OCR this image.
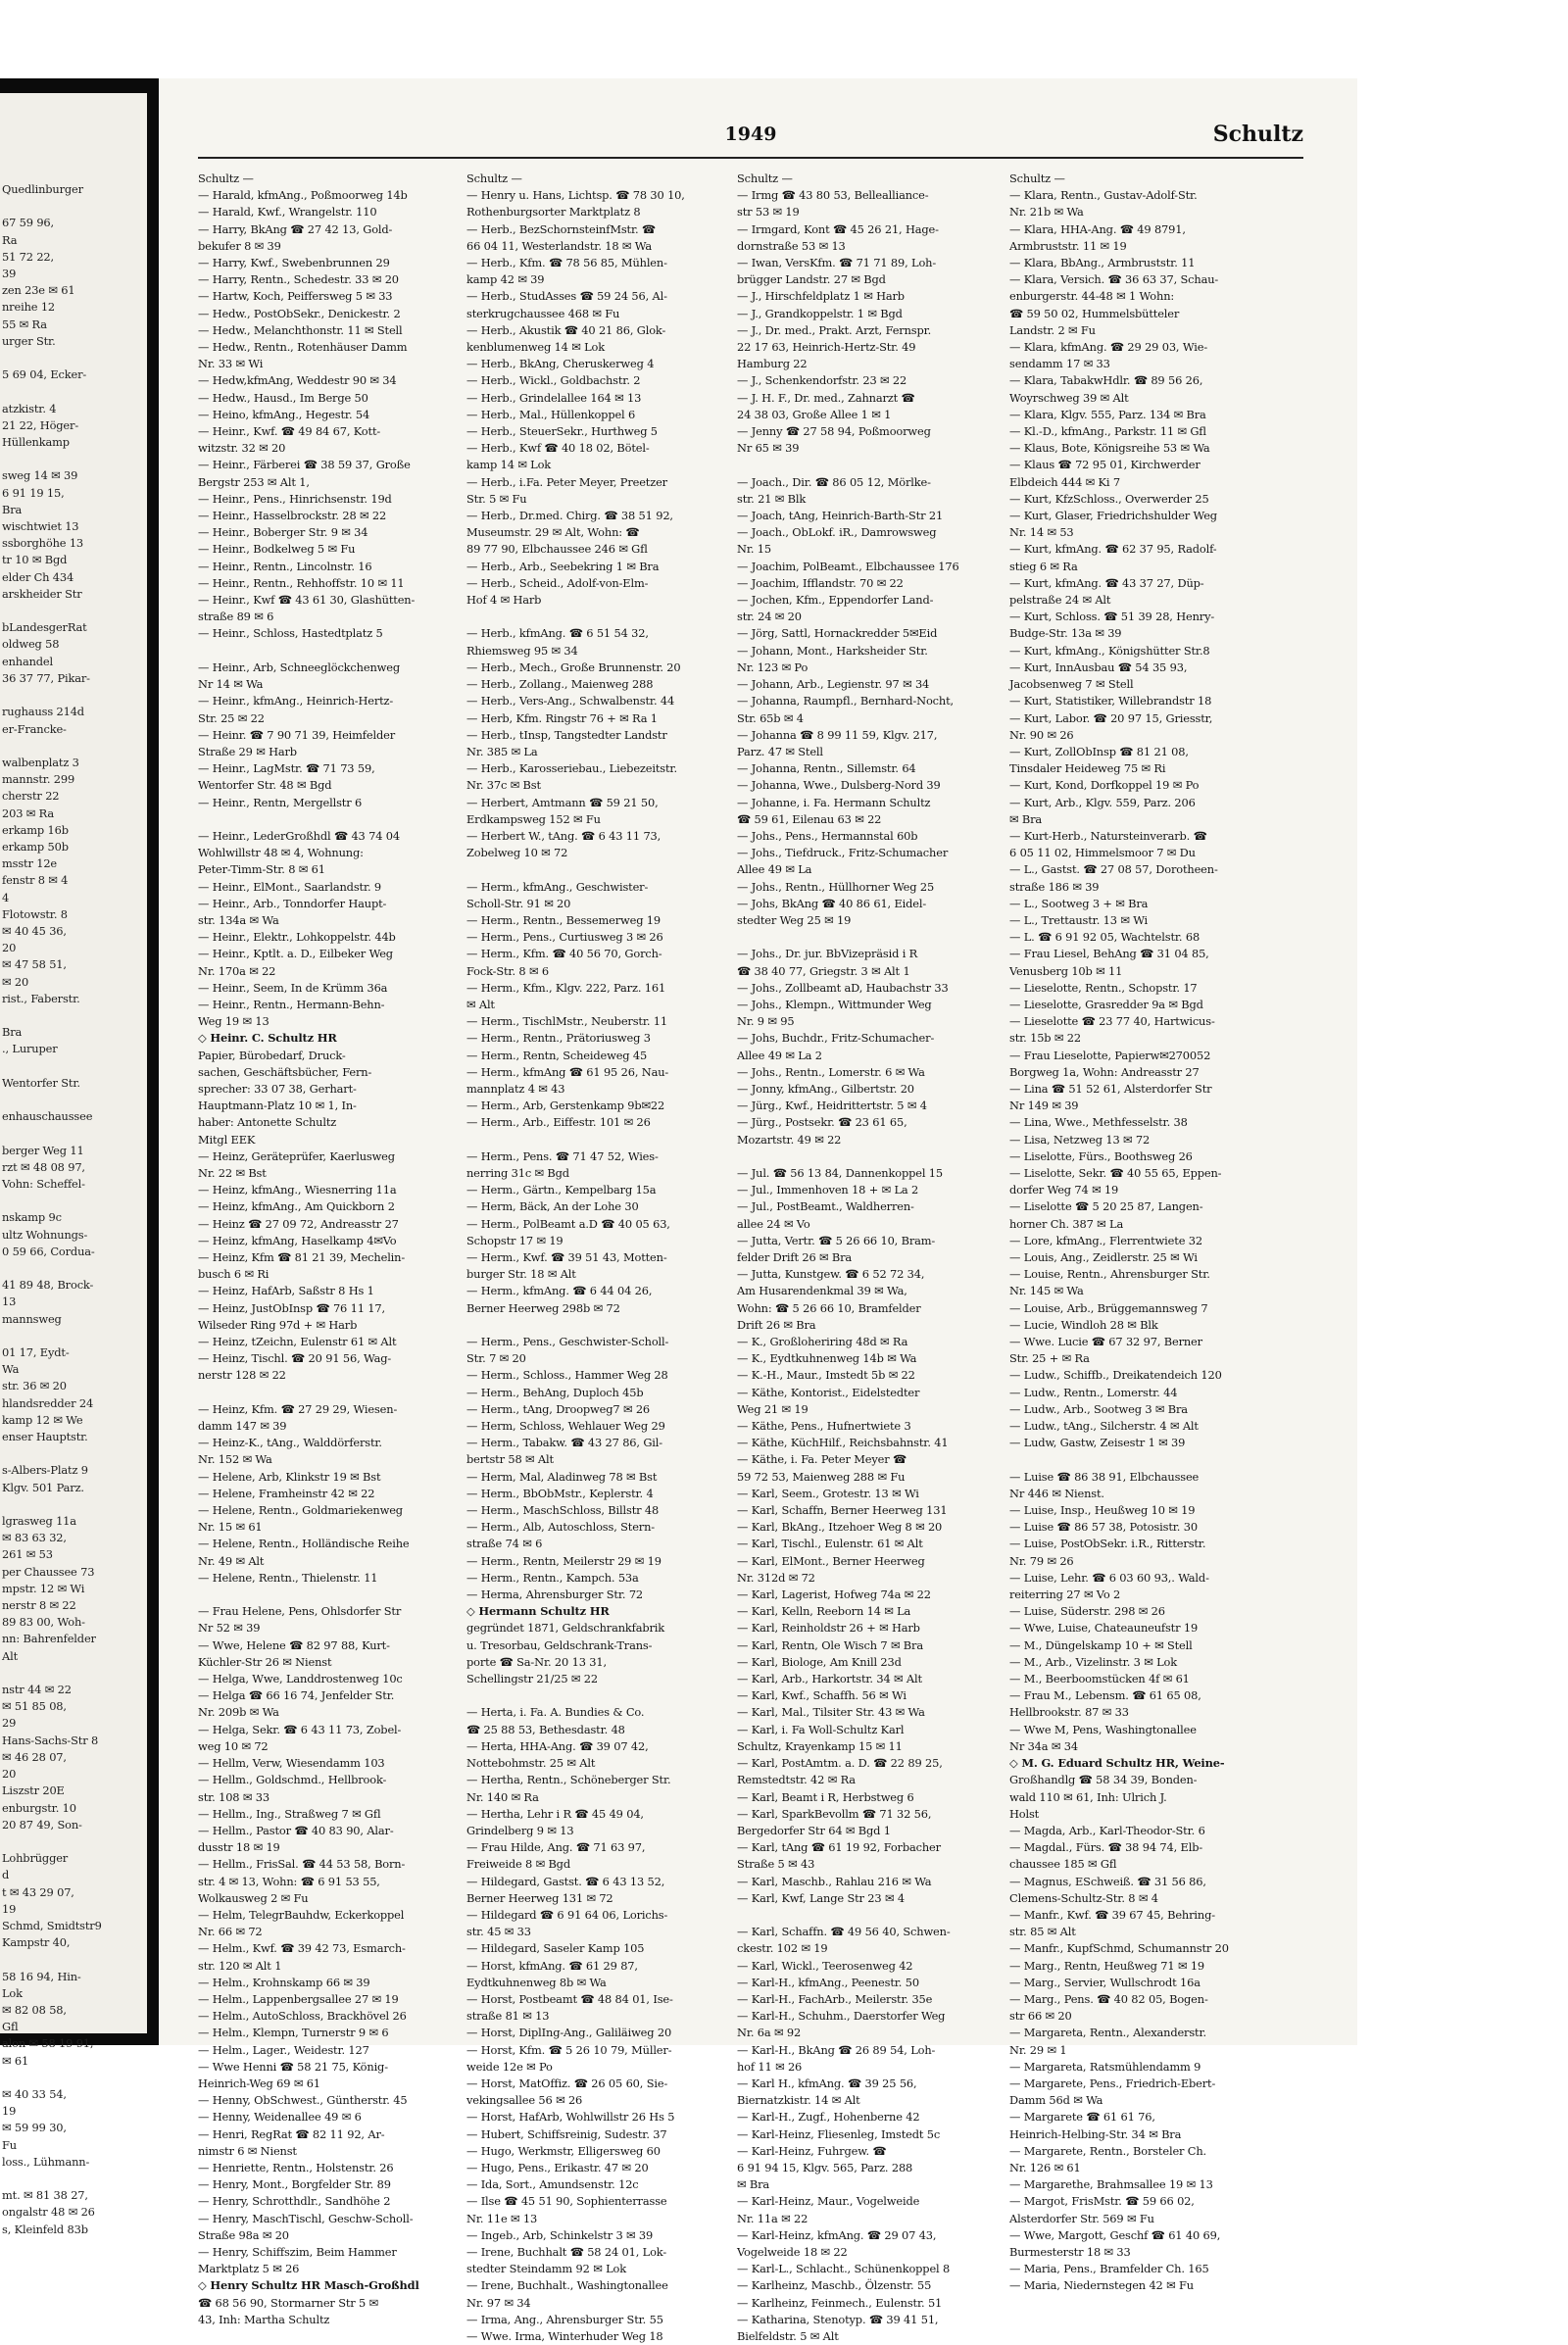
Quedlinburger

67 59 96,
Ra
51 72 22,
39
zen 23e ✉ 61
nreihe 12
55 ✉ Ra
urger Str.

5 69 04, Ecker-

atzkistr. 4
21 22, Höger-
Hüllenkamp

sweg 14 ✉ 39
6 91 19 15,
Bra
wischtwiet 13
ssborghöhe 13
tr 10 ✉ Bgd
elder Ch 434
arskheider Str

bLandesgerRat
oldweg 58
enhandel
36 37 77, Pikar-

rughauss 214d
er-Francke-

walbenplatz 3
mannstr. 299
cherstr 22
203 ✉ Ra
erkamp 16b
erkamp 50b
msstr 12e
fenstr 8 ✉ 4
4
Flotowstr. 8
✉ 40 45 36,
20
✉ 47 58 51,
✉ 20
rist., Faberstr.

Bra
., Luruper

Wentorfer Str.

enhauschaussee

berger Weg 11
rzt ✉ 48 08 97,
Vohn: Scheffel-

nskamp 9c
ultz Wohnungs-
0 59 66, Cordua-

41 89 48, Brock-
13
mannsweg

01 17, Eydt-
Wa
str. 36 ✉ 20
hlandsredder 24
kamp 12 ✉ We
enser Hauptstr.

s-Albers-Platz 9
Klgv. 501 Parz.

lgrasweg 11a
✉ 83 63 32,
261 ✉ 53
per Chaussee 73
mpstr. 12 ✉ Wi
nerstr 8 ✉ 22
89 83 00, Woh-
nn: Bahrenfelder
Alt

nstr 44 ✉ 22
✉ 51 85 08,
29
Hans-Sachs-Str 8
✉ 46 28 07,
20
Liszstr 20E
enburgstr. 10
20 87 49, Son-

Lohbrügger
d
t ✉ 43 29 07,
19
Schmd, Smidtstr9
Kampstr 40,

58 16 94, Hin-
Lok
✉ 82 08 58,
Gfl
alon ✉ 58 19 91,
✉ 61

✉ 40 33 54,
19
✉ 59 99 30,
Fu
loss., Lühmann-

mt. ✉ 81 38 27,
ongalstr 48 ✉ 26
s, Kleinfeld 83b
1949	Schultz
Schultz —
— Harald, kfmAng., Poßmoorweg 14b
— Harald, Kwf., Wrangelstr. 110
— Harry, BkAng ☎ 27 42 13, Gold-
bekufer 8 ✉ 39
— Harry, Kwf., Swebenbrunnen 29
— Harry, Rentn., Schedestr. 33 ✉ 20
— Hartw, Koch, Peiffersweg 5 ✉ 33
— Hedw., PostObSekr., Denickestr. 2
— Hedw., Melanchthonstr. 11 ✉ Stell
— Hedw., Rentn., Rotenhäuser Damm
Nr. 33 ✉ Wi
— Hedw,kfmAng, Weddestr 90 ✉ 34
— Hedw., Hausd., Im Berge 50
— Heino, kfmAng., Hegestr. 54
— Heinr., Kwf. ☎ 49 84 67, Kott-
witzstr. 32 ✉ 20
— Heinr., Färberei ☎ 38 59 37, Große
Bergstr 253 ✉ Alt 1,
— Heinr., Pens., Hinrichsenstr. 19d
— Heinr., Hasselbrockstr. 28 ✉ 22
— Heinr., Boberger Str. 9 ✉ 34
— Heinr., Bodkelweg 5 ✉ Fu
— Heinr., Rentn., Lincolnstr. 16
— Heinr., Rentn., Rehhoffstr. 10 ✉ 11
— Heinr., Kwf ☎ 43 61 30, Glashütten-
straße 89 ✉ 6
— Heinr., Schloss, Hastedtplatz 5

— Heinr., Arb, Schneeglöckchenweg
Nr 14 ✉ Wa
— Heinr., kfmAng., Heinrich-Hertz-
Str. 25 ✉ 22
— Heinr. ☎ 7 90 71 39, Heimfelder
Straße 29 ✉ Harb
— Heinr., LagMstr. ☎ 71 73 59,
Wentorfer Str. 48 ✉ Bgd
— Heinr., Rentn, Mergellstr 6

— Heinr., LederGroßhdl ☎ 43 74 04
Wohlwillstr 48 ✉ 4, Wohnung:
Peter-Timm-Str. 8 ✉ 61
— Heinr., ElMont., Saarlandstr. 9
— Heinr., Arb., Tonndorfer Haupt-
str. 134a ✉ Wa
— Heinr., Elektr., Lohkoppelstr. 44b
— Heinr., Kptlt. a. D., Eilbeker Weg
Nr. 170a ✉ 22
— Heinr., Seem, In de Krümm 36a
— Heinr., Rentn., Hermann-Behn-
Weg 19 ✉ 13
◇ Heinr. C. Schultz HR
Papier, Bürobedarf, Druck-
sachen, Geschäftsbücher, Fern-
sprecher: 33 07 38, Gerhart-
Hauptmann-Platz 10 ✉ 1, In-
haber: Antonette Schultz
Mitgl EEK
— Heinz, Geräteprüfer, Kaerlusweg
Nr. 22 ✉ Bst
— Heinz, kfmAng., Wiesnerring 11a
— Heinz, kfmAng., Am Quickborn 2
— Heinz ☎ 27 09 72, Andreasstr 27
— Heinz, kfmAng, Haselkamp 4✉Vo
— Heinz, Kfm ☎ 81 21 39, Mechelin-
busch 6 ✉ Ri
— Heinz, HafArb, Saßstr 8 Hs 1
— Heinz, JustObInsp ☎ 76 11 17,
Wilseder Ring 97d + ✉ Harb
— Heinz, tZeichn, Eulenstr 61 ✉ Alt
— Heinz, Tischl. ☎ 20 91 56, Wag-
nerstr 128 ✉ 22

— Heinz, Kfm. ☎ 27 29 29, Wiesen-
damm 147 ✉ 39
— Heinz-K., tAng., Walddörferstr.
Nr. 152 ✉ Wa
— Helene, Arb, Klinkstr 19 ✉ Bst
— Helene, Framheinstr 42 ✉ 22
— Helene, Rentn., Goldmariekenweg
Nr. 15 ✉ 61
— Helene, Rentn., Holländische Reihe
Nr. 49 ✉ Alt
— Helene, Rentn., Thielenstr. 11

— Frau Helene, Pens, Ohlsdorfer Str
Nr 52 ✉ 39
— Wwe, Helene ☎ 82 97 88, Kurt-
Küchler-Str 26 ✉ Nienst
— Helga, Wwe, Landdrostenweg 10c
— Helga ☎ 66 16 74, Jenfelder Str.
Nr. 209b ✉ Wa
— Helga, Sekr. ☎ 6 43 11 73, Zobel-
weg 10 ✉ 72
— Hellm, Verw, Wiesendamm 103
— Hellm., Goldschmd., Hellbrook-
str. 108 ✉ 33
— Hellm., Ing., Straßweg 7 ✉ Gfl
— Hellm., Pastor ☎ 40 83 90, Alar-
dusstr 18 ✉ 19
— Hellm., FrisSal. ☎ 44 53 58, Born-
str. 4 ✉ 13, Wohn: ☎ 6 91 53 55,
Wolkausweg 2 ✉ Fu
— Helm, TelegrBauhdw, Eckerkoppel
Nr. 66 ✉ 72
— Helm., Kwf. ☎ 39 42 73, Esmarch-
str. 120 ✉ Alt 1
— Helm., Krohnskamp 66 ✉ 39
— Helm., Lappenbergsallee 27 ✉ 19
— Helm., AutoSchloss, Brackhövel 26
— Helm., Klempn, Turnerstr 9 ✉ 6
— Helm., Lager., Weidestr. 127
— Wwe Henni ☎ 58 21 75, König-
Heinrich-Weg 69 ✉ 61
— Henny, ObSchwest., Güntherstr. 45
— Henny, Weidenallee 49 ✉ 6
— Henri, RegRat ☎ 82 11 92, Ar-
nimstr 6 ✉ Nienst
— Henriette, Rentn., Holstenstr. 26
— Henry, Mont., Borgfelder Str. 89
— Henry, Schrotthdlr., Sandhöhe 2
— Henry, MaschTischl, Geschw-Scholl-
Straße 98a ✉ 20
— Henry, Schiffszim, Beim Hammer
Marktplatz 5 ✉ 26
◇ Henry Schultz HR Masch-Großhdl
☎ 68 56 90, Stormarner Str 5 ✉
43, Inh: Martha Schultz
Schultz —
— Henry u. Hans, Lichtsp. ☎ 78 30 10,
Rothenburgsorter Marktplatz 8
— Herb., BezSchornsteinfMstr. ☎
66 04 11, Westerlandstr. 18 ✉ Wa
— Herb., Kfm. ☎ 78 56 85, Mühlen-
kamp 42 ✉ 39
— Herb., StudAsses ☎ 59 24 56, Al-
sterkrugchaussee 468 ✉ Fu
— Herb., Akustik ☎ 40 21 86, Glok-
kenblumenweg 14 ✉ Lok
— Herb., BkAng, Cheruskerweg 4
— Herb., Wickl., Goldbachstr. 2
— Herb., Grindelallee 164 ✉ 13
— Herb., Mal., Hüllenkoppel 6
— Herb., SteuerSekr., Hurthweg 5
— Herb., Kwf ☎ 40 18 02, Bötel-
kamp 14 ✉ Lok
— Herb., i.Fa. Peter Meyer, Preetzer
Str. 5 ✉ Fu
— Herb., Dr.med. Chirg. ☎ 38 51 92,
Museumstr. 29 ✉ Alt, Wohn: ☎
89 77 90, Elbchaussee 246 ✉ Gfl
— Herb., Arb., Seebekring 1 ✉ Bra
— Herb., Scheid., Adolf-von-Elm-
Hof 4 ✉ Harb

— Herb., kfmAng. ☎ 6 51 54 32,
Rhiemsweg 95 ✉ 34
— Herb., Mech., Große Brunnenstr. 20
— Herb., Zollang., Maienweg 288
— Herb., Vers-Ang., Schwalbenstr. 44
— Herb, Kfm. Ringstr 76 + ✉ Ra 1
— Herb., tInsp, Tangstedter Landstr
Nr. 385 ✉ La
— Herb., Karosseriebau., Liebezeitstr.
Nr. 37c ✉ Bst
— Herbert, Amtmann ☎ 59 21 50,
Erdkampsweg 152 ✉ Fu
— Herbert W., tAng. ☎ 6 43 11 73,
Zobelweg 10 ✉ 72

— Herm., kfmAng., Geschwister-
Scholl-Str. 91 ✉ 20
— Herm., Rentn., Bessemerweg 19
— Herm., Pens., Curtiusweg 3 ✉ 26
— Herm., Kfm. ☎ 40 56 70, Gorch-
Fock-Str. 8 ✉ 6
— Herm., Kfm., Klgv. 222, Parz. 161
✉ Alt
— Herm., TischlMstr., Neuberstr. 11
— Herm., Rentn., Prätoriusweg 3
— Herm., Rentn, Scheideweg 45
— Herm., kfmAng ☎ 61 95 26, Nau-
mannplatz 4 ✉ 43
— Herm., Arb, Gerstenkamp 9b✉22
— Herm., Arb., Eiffestr. 101 ✉ 26

— Herm., Pens. ☎ 71 47 52, Wies-
nerring 31c ✉ Bgd
— Herm., Gärtn., Kempelbarg 15a
— Herm, Bäck, An der Lohe 30
— Herm., PolBeamt a.D ☎ 40 05 63,
Schopstr 17 ✉ 19
— Herm., Kwf. ☎ 39 51 43, Motten-
burger Str. 18 ✉ Alt
— Herm., kfmAng. ☎ 6 44 04 26,
Berner Heerweg 298b ✉ 72

— Herm., Pens., Geschwister-Scholl-
Str. 7 ✉ 20
— Herm., Schloss., Hammer Weg 28
— Herm., BehAng, Duploch 45b
— Herm., tAng, Droopweg7 ✉ 26
— Herm, Schloss, Wehlauer Weg 29
— Herm., Tabakw. ☎ 43 27 86, Gil-
bertstr 58 ✉ Alt
— Herm, Mal, Aladinweg 78 ✉ Bst
— Herm., BbObMstr., Keplerstr. 4
— Herm., MaschSchloss, Billstr 48
— Herm., Alb, Autoschloss, Stern-
straße 74 ✉ 6
— Herm., Rentn, Meilerstr 29 ✉ 19
— Herm., Rentn., Kampch. 53a
— Herma, Ahrensburger Str. 72
◇ Hermann Schultz HR
gegründet 1871, Geldschrankfabrik
u. Tresorbau, Geldschrank-Trans-
porte ☎ Sa-Nr. 20 13 31,
Schellingstr 21/25 ✉ 22

— Herta, i. Fa. A. Bundies & Co.
☎ 25 88 53, Bethesdastr. 48
— Herta, HHA-Ang. ☎ 39 07 42,
Nottebohmstr. 25 ✉ Alt
— Hertha, Rentn., Schöneberger Str.
Nr. 140 ✉ Ra
— Hertha, Lehr i R ☎ 45 49 04,
Grindelberg 9 ✉ 13
— Frau Hilde, Ang. ☎ 71 63 97,
Freiweide 8 ✉ Bgd
— Hildegard, Gastst. ☎ 6 43 13 52,
Berner Heerweg 131 ✉ 72
— Hildegard ☎ 6 91 64 06, Lorichs-
str. 45 ✉ 33
— Hildegard, Saseler Kamp 105
— Horst, kfmAng. ☎ 61 29 87,
Eydtkuhnenweg 8b ✉ Wa
— Horst, Postbeamt ☎ 48 84 01, Ise-
straße 81 ✉ 13
— Horst, DiplIng-Ang., Galiläiweg 20
— Horst, Kfm. ☎ 5 26 10 79, Müller-
weide 12e ✉ Po
— Horst, MatOffiz. ☎ 26 05 60, Sie-
vekingsallee 56 ✉ 26
— Horst, HafArb, Wohlwillstr 26 Hs 5
— Hubert, Schiffsreinig, Sudestr. 37
— Hugo, Werkmstr, Elligersweg 60
— Hugo, Pens., Erikastr. 47 ✉ 20
— Ida, Sort., Amundsenstr. 12c
— Ilse ☎ 45 51 90, Sophienterrasse
Nr. 11e ✉ 13
— Ingeb., Arb, Schinkelstr 3 ✉ 39
— Irene, Buchhalt ☎ 58 24 01, Lok-
stedter Steindamm 92 ✉ Lok
— Irene, Buchhalt., Washingtonallee
Nr. 97 ✉ 34
— Irma, Ang., Ahrensburger Str. 55
— Wwe. Irma, Winterhuder Weg 18
Schultz —
— Irmg ☎ 43 80 53, Bellealliance-
str 53 ✉ 19
— Irmgard, Kont ☎ 45 26 21, Hage-
dornstraße 53 ✉ 13
— Iwan, VersKfm. ☎ 71 71 89, Loh-
brügger Landstr. 27 ✉ Bgd
— J., Hirschfeldplatz 1 ✉ Harb
— J., Grandkoppelstr. 1 ✉ Bgd
— J., Dr. med., Prakt. Arzt, Fernspr.
22 17 63, Heinrich-Hertz-Str. 49
Hamburg 22
— J., Schenkendorfstr. 23 ✉ 22
— J. H. F., Dr. med., Zahnarzt ☎
24 38 03, Große Allee 1 ✉ 1
— Jenny ☎ 27 58 94, Poßmoorweg
Nr 65 ✉ 39

— Joach., Dir. ☎ 86 05 12, Mörlke-
str. 21 ✉ Blk
— Joach, tAng, Heinrich-Barth-Str 21
— Joach., ObLokf. iR., Damrowsweg
Nr. 15
— Joachim, PolBeamt., Elbchaussee 176
— Joachim, Ifflandstr. 70 ✉ 22
— Jochen, Kfm., Eppendorfer Land-
str. 24 ✉ 20
— Jörg, Sattl, Hornackredder 5✉Eid
— Johann, Mont., Harksheider Str.
Nr. 123 ✉ Po
— Johann, Arb., Legienstr. 97 ✉ 34
— Johanna, Raumpfl., Bernhard-Nocht,
Str. 65b ✉ 4
— Johanna ☎ 8 99 11 59, Klgv. 217,
Parz. 47 ✉ Stell
— Johanna, Rentn., Sillemstr. 64
— Johanna, Wwe., Dulsberg-Nord 39
— Johanne, i. Fa. Hermann Schultz
☎ 59 61, Eilenau 63 ✉ 22
— Johs., Pens., Hermannstal 60b
— Johs., Tiefdruck., Fritz-Schumacher
Allee 49 ✉ La
— Johs., Rentn., Hüllhorner Weg 25
— Johs, BkAng ☎ 40 86 61, Eidel-
stedter Weg 25 ✉ 19

— Johs., Dr. jur. BbVizepräsid i R
☎ 38 40 77, Griegstr. 3 ✉ Alt 1
— Johs., Zollbeamt aD, Haubachstr 33
— Johs., Klempn., Wittmunder Weg
Nr. 9 ✉ 95
— Johs, Buchdr., Fritz-Schumacher-
Allee 49 ✉ La 2
— Johs., Rentn., Lomerstr. 6 ✉ Wa
— Jonny, kfmAng., Gilbertstr. 20
— Jürg., Kwf., Heidrittertstr. 5 ✉ 4
— Jürg., Postsekr. ☎ 23 61 65,
Mozartstr. 49 ✉ 22

— Jul. ☎ 56 13 84, Dannenkoppel 15
— Jul., Immenhoven 18 + ✉ La 2
— Jul., PostBeamt., Waldherren-
allee 24 ✉ Vo
— Jutta, Vertr. ☎ 5 26 66 10, Bram-
felder Drift 26 ✉ Bra
— Jutta, Kunstgew. ☎ 6 52 72 34,
Am Husarendenkmal 39 ✉ Wa,
Wohn: ☎ 5 26 66 10, Bramfelder
Drift 26 ✉ Bra
— K., Großloheriring 48d ✉ Ra
— K., Eydtkuhnenweg 14b ✉ Wa
— K.-H., Maur., Imstedt 5b ✉ 22
— Käthe, Kontorist., Eidelstedter
Weg 21 ✉ 19
— Käthe, Pens., Hufnertwiete 3
— Käthe, KüchHilf., Reichsbahnstr. 41
— Käthe, i. Fa. Peter Meyer ☎
59 72 53, Maienweg 288 ✉ Fu
— Karl, Seem., Grotestr. 13 ✉ Wi
— Karl, Schaffn, Berner Heerweg 131
— Karl, BkAng., Itzehoer Weg 8 ✉ 20
— Karl, Tischl., Eulenstr. 61 ✉ Alt
— Karl, ElMont., Berner Heerweg
Nr. 312d ✉ 72
— Karl, Lagerist, Hofweg 74a ✉ 22
— Karl, Kelln, Reeborn 14 ✉ La
— Karl, Reinholdstr 26 + ✉ Harb
— Karl, Rentn, Ole Wisch 7 ✉ Bra
— Karl, Biologe, Am Knill 23d
— Karl, Arb., Harkortstr. 34 ✉ Alt
— Karl, Kwf., Schaffh. 56 ✉ Wi
— Karl, Mal., Tilsiter Str. 43 ✉ Wa
— Karl, i. Fa Woll-Schultz Karl
Schultz, Krayenkamp 15 ✉ 11
— Karl, PostAmtm. a. D. ☎ 22 89 25,
Remstedtstr. 42 ✉ Ra
— Karl, Beamt i R, Herbstweg 6
— Karl, SparkBevollm ☎ 71 32 56,
Bergedorfer Str 64 ✉ Bgd 1
— Karl, tAng ☎ 61 19 92, Forbacher
Straße 5 ✉ 43
— Karl, Maschb., Rahlau 216 ✉ Wa
— Karl, Kwf, Lange Str 23 ✉ 4

— Karl, Schaffn. ☎ 49 56 40, Schwen-
ckestr. 102 ✉ 19
— Karl, Wickl., Teerosenweg 42
— Karl-H., kfmAng., Peenestr. 50
— Karl-H., FachArb., Meilerstr. 35e
— Karl-H., Schuhm., Daerstorfer Weg
Nr. 6a ✉ 92
— Karl-H., BkAng ☎ 26 89 54, Loh-
hof 11 ✉ 26
— Karl H., kfmAng. ☎ 39 25 56,
Biernatzkistr. 14 ✉ Alt
— Karl-H., Zugf., Hohenberne 42
— Karl-Heinz, Fliesenleg, Imstedt 5c
— Karl-Heinz, Fuhrgew. ☎
6 91 94 15, Klgv. 565, Parz. 288
✉ Bra
— Karl-Heinz, Maur., Vogelweide
Nr. 11a ✉ 22
— Karl-Heinz, kfmAng. ☎ 29 07 43,
Vogelweide 18 ✉ 22
— Karl-L., Schlacht., Schünenkoppel 8
— Karlheinz, Maschb., Ölzenstr. 55
— Karlheinz, Feinmech., Eulenstr. 51
— Katharina, Stenotyp. ☎ 39 41 51,
Bielfeldstr. 5 ✉ Alt
Schultz —
— Klara, Rentn., Gustav-Adolf-Str.
Nr. 21b ✉ Wa
— Klara, HHA-Ang. ☎ 49 8791,
Armbruststr. 11 ✉ 19
— Klara, BbAng., Armbruststr. 11
— Klara, Versich. ☎ 36 63 37, Schau-
enburgerstr. 44-48 ✉ 1 Wohn:
☎ 59 50 02, Hummelsbütteler
Landstr. 2 ✉ Fu
— Klara, kfmAng. ☎ 29 29 03, Wie-
sendamm 17 ✉ 33
— Klara, TabakwHdlr. ☎ 89 56 26,
Woyrschweg 39 ✉ Alt
— Klara, Klgv. 555, Parz. 134 ✉ Bra
— Kl.-D., kfmAng., Parkstr. 11 ✉ Gfl
— Klaus, Bote, Königsreihe 53 ✉ Wa
— Klaus ☎ 72 95 01, Kirchwerder
Elbdeich 444 ✉ Ki 7
— Kurt, KfzSchloss., Overwerder 25
— Kurt, Glaser, Friedrichshulder Weg
Nr. 14 ✉ 53
— Kurt, kfmAng. ☎ 62 37 95, Radolf-
stieg 6 ✉ Ra
— Kurt, kfmAng. ☎ 43 37 27, Düp-
pelstraße 24 ✉ Alt
— Kurt, Schloss. ☎ 51 39 28, Henry-
Budge-Str. 13a ✉ 39
— Kurt, kfmAng., Königshütter Str.8
— Kurt, InnAusbau ☎ 54 35 93,
Jacobsenweg 7 ✉ Stell
— Kurt, Statistiker, Willebrandstr 18
— Kurt, Labor. ☎ 20 97 15, Griesstr,
Nr. 90 ✉ 26
— Kurt, ZollObInsp ☎ 81 21 08,
Tinsdaler Heideweg 75 ✉ Ri
— Kurt, Kond, Dorfkoppel 19 ✉ Po
— Kurt, Arb., Klgv. 559, Parz. 206
✉ Bra
— Kurt-Herb., Natursteinverarb. ☎
6 05 11 02, Himmelsmoor 7 ✉ Du
— L., Gastst. ☎ 27 08 57, Dorotheen-
straße 186 ✉ 39
— L., Sootweg 3 + ✉ Bra
— L., Trettaustr. 13 ✉ Wi
— L. ☎ 6 91 92 05, Wachtelstr. 68
— Frau Liesel, BehAng ☎ 31 04 85,
Venusberg 10b ✉ 11
— Lieselotte, Rentn., Schopstr. 17
— Lieselotte, Grasredder 9a ✉ Bgd
— Lieselotte ☎ 23 77 40, Hartwicus-
str. 15b ✉ 22
— Frau Lieselotte, Papierw✉270052
Borgweg 1a, Wohn: Andreasstr 27
— Lina ☎ 51 52 61, Alsterdorfer Str
Nr 149 ✉ 39
— Lina, Wwe., Methfesselstr. 38
— Lisa, Netzweg 13 ✉ 72
— Liselotte, Fürs., Boothsweg 26
— Liselotte, Sekr. ☎ 40 55 65, Eppen-
dorfer Weg 74 ✉ 19
— Liselotte ☎ 5 20 25 87, Langen-
horner Ch. 387 ✉ La
— Lore, kfmAng., Flerrentwiete 32
— Louis, Ang., Zeidlerstr. 25 ✉ Wi
— Louise, Rentn., Ahrensburger Str.
Nr. 145 ✉ Wa
— Louise, Arb., Brüggemannsweg 7
— Lucie, Windloh 28 ✉ Blk
— Wwe. Lucie ☎ 67 32 97, Berner
Str. 25 + ✉ Ra
— Ludw., Schiffb., Dreikatendeich 120
— Ludw., Rentn., Lomerstr. 44
— Ludw., Arb., Sootweg 3 ✉ Bra
— Ludw., tAng., Silcherstr. 4 ✉ Alt
— Ludw, Gastw, Zeisestr 1 ✉ 39

— Luise ☎ 86 38 91, Elbchaussee
Nr 446 ✉ Nienst.
— Luise, Insp., Heußweg 10 ✉ 19
— Luise ☎ 86 57 38, Potosistr. 30
— Luise, PostObSekr. i.R., Ritterstr.
Nr. 79 ✉ 26
— Luise, Lehr. ☎ 6 03 60 93,. Wald-
reiterring 27 ✉ Vo 2
— Luise, Süderstr. 298 ✉ 26
— Wwe, Luise, Chateauneufstr 19
— M., Düngelskamp 10 + ✉ Stell
— M., Arb., Vizelinstr. 3 ✉ Lok
— M., Beerboomstücken 4f ✉ 61
— Frau M., Lebensm. ☎ 61 65 08,
Hellbrookstr. 87 ✉ 33
— Wwe M, Pens, Washingtonallee
Nr 34a ✉ 34
◇ M. G. Eduard Schultz HR, Weine-
Großhandlg ☎ 58 34 39, Bonden-
wald 110 ✉ 61, Inh: Ulrich J.
Holst
— Magda, Arb., Karl-Theodor-Str. 6
— Magdal., Fürs. ☎ 38 94 74, Elb-
chaussee 185 ✉ Gfl
— Magnus, ESchweiß. ☎ 31 56 86,
Clemens-Schultz-Str. 8 ✉ 4
— Manfr., Kwf. ☎ 39 67 45, Behring-
str. 85 ✉ Alt
— Manfr., KupfSchmd, Schumannstr 20
— Marg., Rentn, Heußweg 71 ✉ 19
— Marg., Servier, Wullschrodt 16a
— Marg., Pens. ☎ 40 82 05, Bogen-
str 66 ✉ 20
— Margareta, Rentn., Alexanderstr.
Nr. 29 ✉ 1
— Margareta, Ratsmühlendamm 9
— Margarete, Pens., Friedrich-Ebert-
Damm 56d ✉ Wa
— Margarete ☎ 61 61 76,
Heinrich-Helbing-Str. 34 ✉ Bra
— Margarete, Rentn., Borsteler Ch.
Nr. 126 ✉ 61
— Margarethe, Brahmsallee 19 ✉ 13
— Margot, FrisMstr. ☎ 59 66 02,
Alsterdorfer Str. 569 ✉ Fu
— Wwe, Margott, Geschf ☎ 61 40 69,
Burmesterstr 18 ✉ 33
— Maria, Pens., Bramfelder Ch. 165
— Maria, Niedernstegen 42 ✉ Fu
